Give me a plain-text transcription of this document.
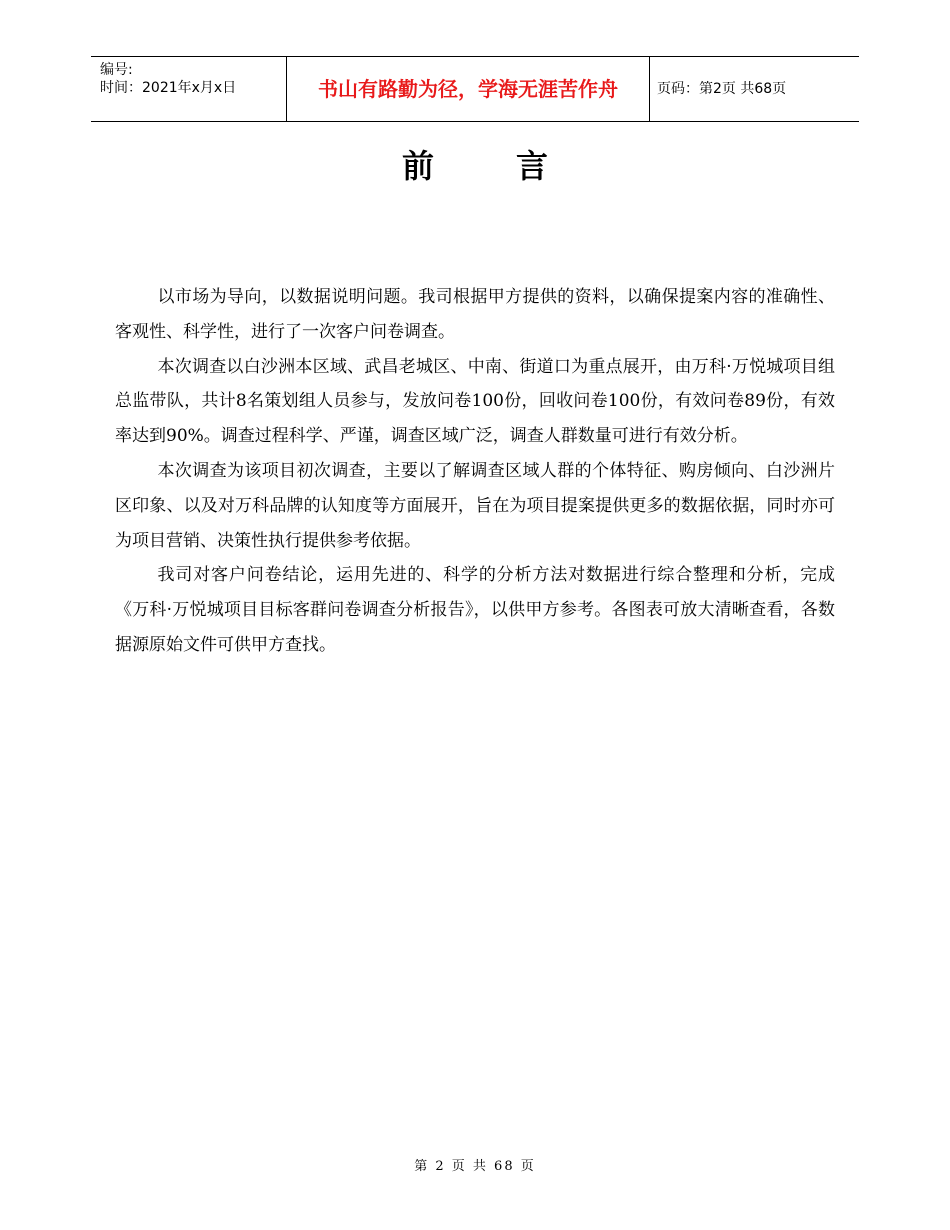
编号:
时间：2021年x月x日	书山有路勤为径，学海无涯苦作舟	页码：第2页 共68页
前言

以市场为导向，以数据说明问题。我司根据甲方提供的资料，以确保提案内容的准确性、客观性、科学性，进行了一次客户问卷调查。

本次调查以白沙洲本区域、武昌老城区、中南、街道口为重点展开，由万科·万悦城项目组总监带队，共计8名策划组人员参与，发放问卷100份，回收问卷100份，有效问卷89份，有效率达到90%。调查过程科学、严谨，调查区域广泛，调查人群数量可进行有效分析。

本次调查为该项目初次调查，主要以了解调查区域人群的个体特征、购房倾向、白沙洲片区印象、以及对万科品牌的认知度等方面展开，旨在为项目提案提供更多的数据依据，同时亦可为项目营销、决策性执行提供参考依据。

我司对客户问卷结论，运用先进的、科学的分析方法对数据进行综合整理和分析，完成《万科·万悦城项目目标客群问卷调查分析报告》，以供甲方参考。各图表可放大清晰查看，各数据源原始文件可供甲方查找。

第 2 页 共 68 页
